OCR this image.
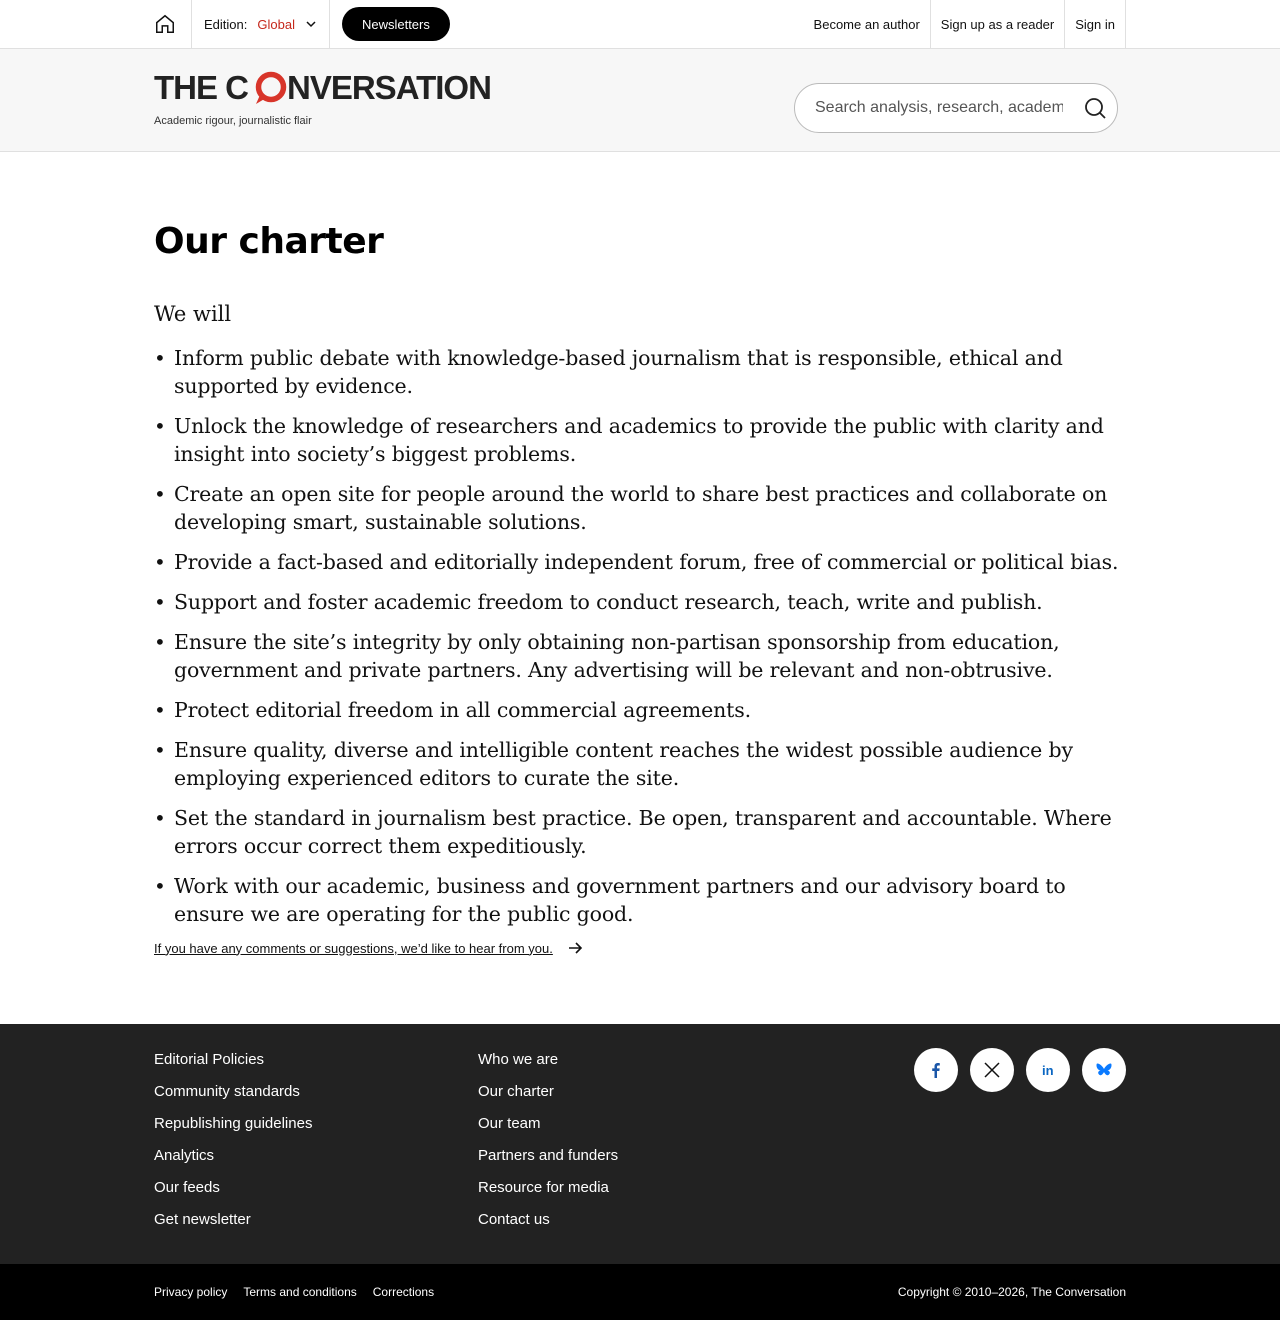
Edition: Global	Newsletters	Become an author	Sign up as a reader	Sign in
THE C NVERSATION
Academic rigour, journalistic flair
Search analysis, research, academics…
Our charter

We will

• Inform public debate with knowledge-based journalism that is responsible, ethical and supported by evidence.
• Unlock the knowledge of researchers and academics to provide the public with clarity and insight into society’s biggest problems.
• Create an open site for people around the world to share best practices and collaborate on developing smart, sustainable solutions.
• Provide a fact-based and editorially independent forum, free of commercial or political bias.
• Support and foster academic freedom to conduct research, teach, write and publish.
• Ensure the site’s integrity by only obtaining non-partisan sponsorship from education, government and private partners. Any advertising will be relevant and non-obtrusive.
• Protect editorial freedom in all commercial agreements.
• Ensure quality, diverse and intelligible content reaches the widest possible audience by employing experienced editors to curate the site.
• Set the standard in journalism best practice. Be open, transparent and accountable. Where errors occur correct them expeditiously.
• Work with our academic, business and government partners and our advisory board to ensure we are operating for the public good.
If you have any comments or suggestions, we’d like to hear from you.
Editorial Policies
Community standards
Republishing guidelines
Analytics
Our feeds
Get newsletter
Who we are
Our charter
Our team
Partners and funders
Resource for media
Contact us
in
Privacy policy Terms and conditions Corrections	Copyright © 2010–2026, The Conversation
